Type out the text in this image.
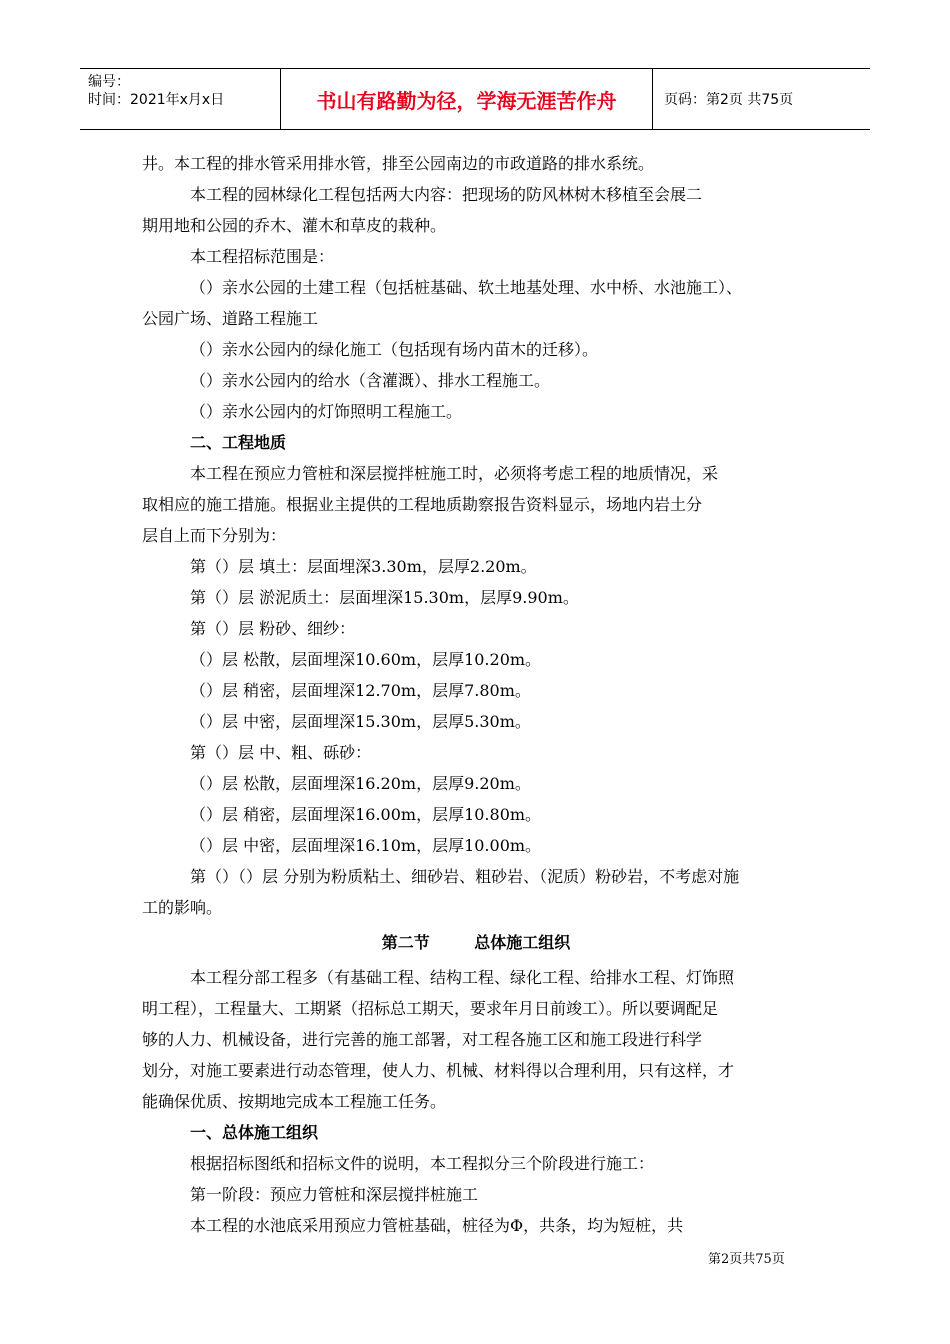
编号：
时间：2021年x月x日	书山有路勤为径，学海无涯苦作舟	页码：第2页 共75页

井。本工程的排水管采用排水管，排至公园南边的市政道路的排水系统。

本工程的园林绿化工程包括两大内容：把现场的防风林树木移植至会展二

期用地和公园的乔木、灌木和草皮的栽种。

本工程招标范围是：

（）亲水公园的土建工程（包括桩基础、软土地基处理、水中桥、水池施工）、

公园广场、道路工程施工

（）亲水公园内的绿化施工（包括现有场内苗木的迁移）。

（）亲水公园内的给水（含灌溉）、排水工程施工。

（）亲水公园内的灯饰照明工程施工。

二、工程地质

本工程在预应力管桩和深层搅拌桩施工时，必须将考虑工程的地质情况，采

取相应的施工措施。根据业主提供的工程地质勘察报告资料显示，场地内岩土分

层自上而下分别为：

第（）层 填土：层面埋深3.30m，层厚2.20m。

第（）层 淤泥质土：层面埋深15.30m，层厚9.90m。

第（）层 粉砂、细纱：

（）层 松散，层面埋深10.60m，层厚10.20m。

（）层 稍密，层面埋深12.70m，层厚7.80m。

（）层 中密，层面埋深15.30m，层厚5.30m。

第（）层 中、粗、砾砂：

（）层 松散，层面埋深16.20m，层厚9.20m。

（）层 稍密，层面埋深16.00m，层厚10.80m。

（）层 中密，层面埋深16.10m，层厚10.00m。

第（）（）层 分别为粉质粘土、细砂岩、粗砂岩、（泥质）粉砂岩，不考虑对施

工的影响。

第二节        总体施工组织

本工程分部工程多（有基础工程、结构工程、绿化工程、给排水工程、灯饰照

明工程），工程量大、工期紧（招标总工期天，要求年月日前竣工）。所以要调配足

够的人力、机械设备，进行完善的施工部署，对工程各施工区和施工段进行科学

划分，对施工要素进行动态管理，使人力、机械、材料得以合理利用，只有这样，才

能确保优质、按期地完成本工程施工任务。

一、总体施工组织

根据招标图纸和招标文件的说明，本工程拟分三个阶段进行施工：

第一阶段：预应力管桩和深层搅拌桩施工

本工程的水池底采用预应力管桩基础，桩径为Φ，共条，均为短桩，共

第2页共75页
